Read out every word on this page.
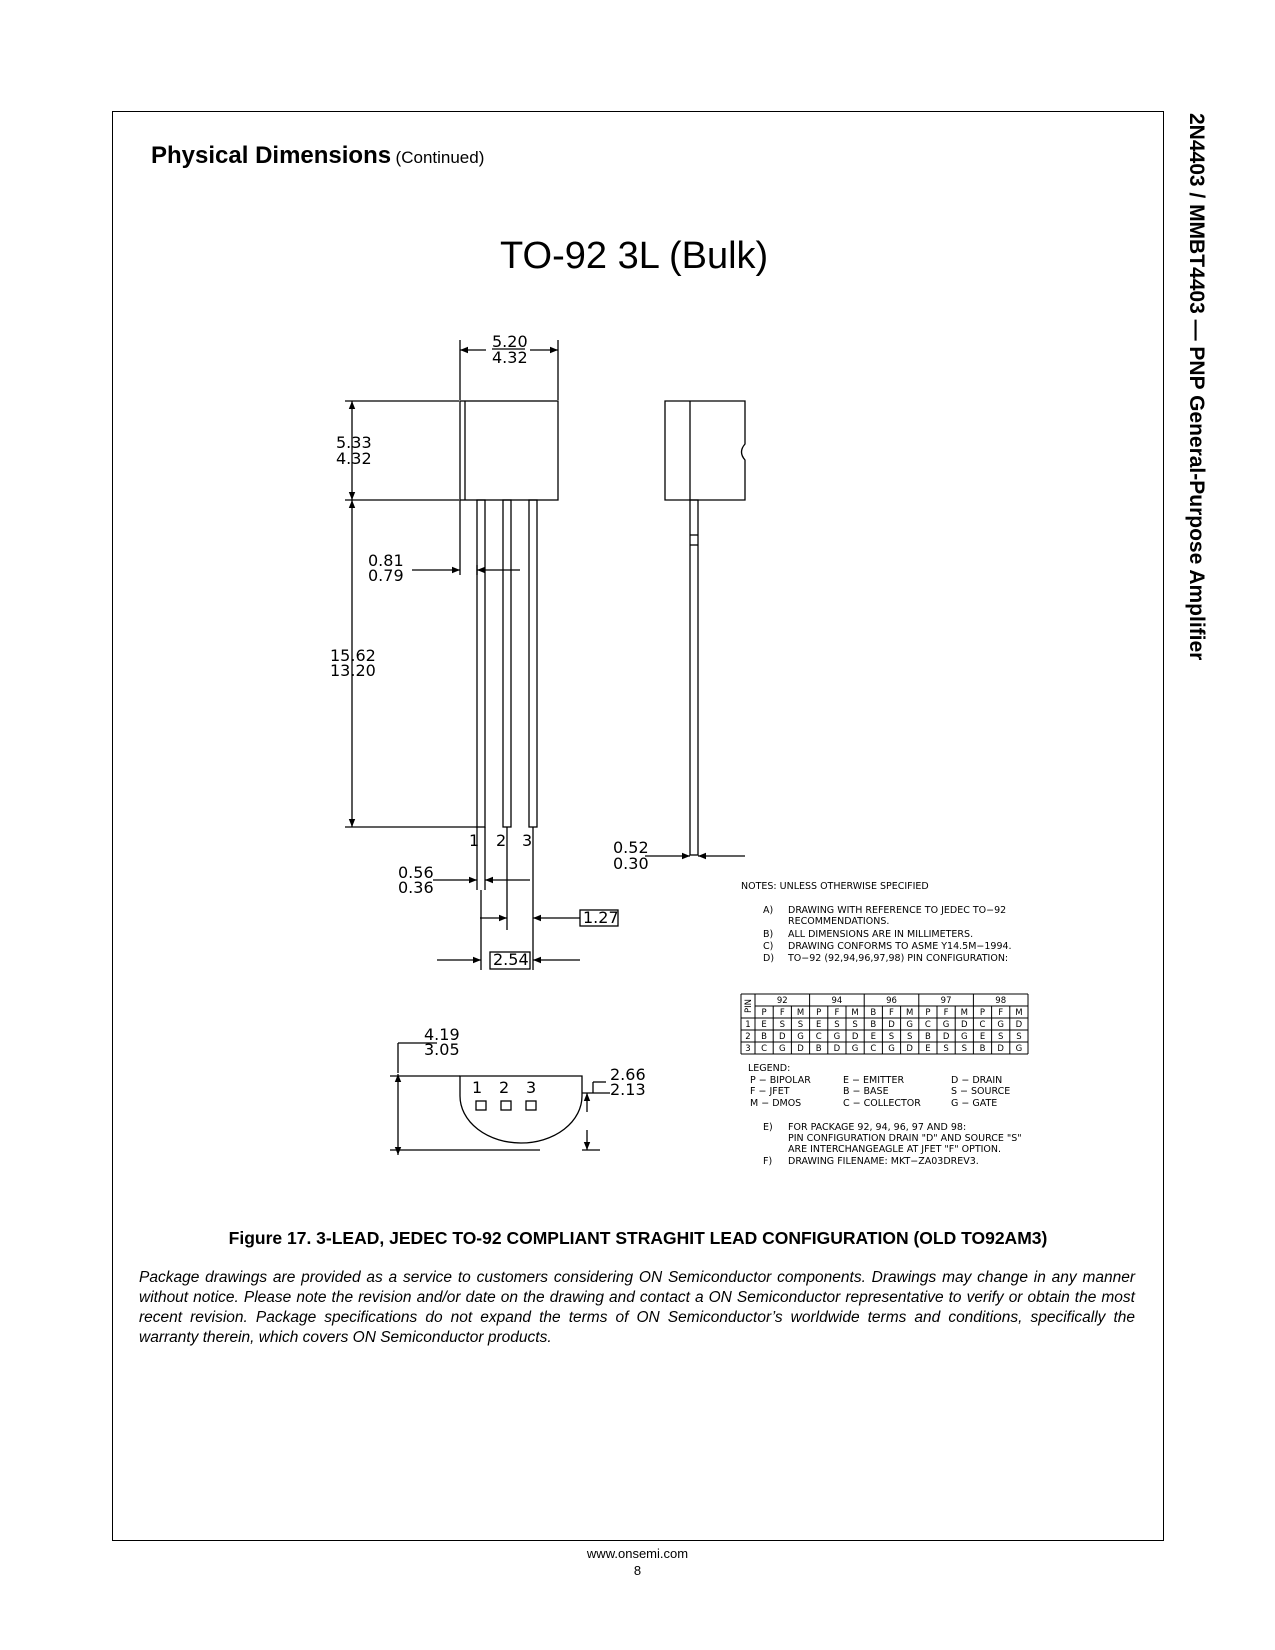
2N4403 / MMBT4403 — PNP General-Purpose Amplifier
Physical Dimensions (Continued)
TO-92 3L (Bulk)
5.20
4.32
5.33
4.32
0.81
0.79
15.62
13.20
0.56
0.36
0.52
0.30
1.27
2.54
4.19
3.05
2.66
2.13
1 2 3
1 2 3
NOTES: UNLESS OTHERWISE SPECIFIED
A) DRAWING WITH REFERENCE TO JEDEC TO−92
RECOMMENDATIONS.
B) ALL DIMENSIONS ARE IN MILLIMETERS.
C) DRAWING CONFORMS TO ASME Y14.5M−1994.
D) TO−92 (92,94,96,97,98) PIN CONFIGURATION:
PIN	92	94	96	97	98
P F M P F M B F M P F M P F M
1 E S S E S S B D G C G D C G D
2 B D G C G D E S S B D G E S S
3 C G D B D G C G D E S S B D G
LEGEND:
P − BIPOLAR
F − JFET
M − DMOS
E − EMITTER
B − BASE
C − COLLECTOR
D − DRAIN
S − SOURCE
G − GATE
E) FOR PACKAGE 92, 94, 96, 97 AND 98:
PIN CONFIGURATION DRAIN "D" AND SOURCE "S"
ARE INTERCHANGEAGLE AT JFET "F" OPTION.
F) DRAWING FILENAME: MKT−ZA03DREV3.
Figure 17. 3-LEAD, JEDEC TO-92 COMPLIANT STRAGHIT LEAD CONFIGURATION (OLD TO92AM3)
Package drawings are provided as a service to customers considering ON Semiconductor components. Drawings may change in any manner without notice. Please note the revision and/or date on the drawing and contact a ON Semiconductor representative to verify or obtain the most recent revision. Package specifications do not expand the terms of ON Semiconductor’s worldwide terms and conditions, specifically the warranty therein, which covers ON Semiconductor products.
www.onsemi.com
8
